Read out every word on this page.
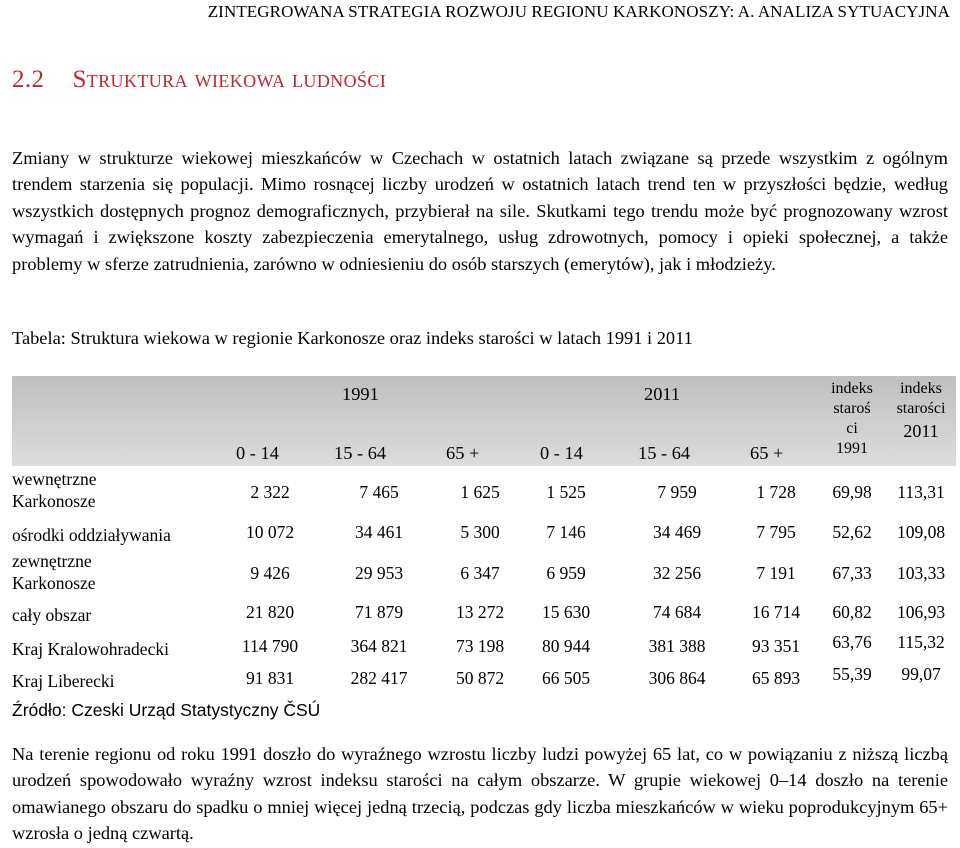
ZINTEGROWANA STRATEGIA ROZWOJU REGIONU KARKONOSZY: A. ANALIZA SYTUACYJNA
2.2 Struktura wiekowa ludności

Zmiany w strukturze wiekowej mieszkańców w Czechach w ostatnich latach związane są przede wszystkim z ogólnym trendem starzenia się populacji. Mimo rosnącej liczby urodzeń w ostatnich latach trend ten w przyszłości będzie, według wszystkich dostępnych prognoz demograficznych, przybierał na sile. Skutkami tego trendu może być prognozowany wzrost wymagań i zwiększone koszty zabezpieczenia emerytalnego, usług zdrowotnych, pomocy i opieki społecznej, a także problemy w sferze zatrudnienia, zarówno w odniesieniu do osób starszych (emerytów), jak i młodzieży.

Tabela: Struktura wiekowa w regionie Karkonosze oraz indeks starości w latach 1991 i 2011

1991	2011
0 - 14	15 - 64	65 +	0 - 14	15 - 64	65 +
indeks
staroś
ci
1991
indeks
starości
2011
wewnętrzne
Karkonosze	2 322	7 465	1 625	1 525	7 959	1 728	69,98	113,31
ośrodki oddziaływania	10 072	34 461	5 300	7 146	34 469	7 795	52,62	109,08
zewnętrzne
Karkonosze	9 426	29 953	6 347	6 959	32 256	7 191	67,33	103,33
cały obszar	21 820	71 879	13 272	15 630	74 684	16 714	60,82	106,93
Kraj Kralowohradecki	114 790	364 821	73 198	80 944	381 388	93 351	63,76	115,32
Kraj Liberecki	91 831	282 417	50 872	66 505	306 864	65 893	55,39	99,07

Źródło: Czeski Urząd Statystyczny ČSÚ

Na terenie regionu od roku 1991 doszło do wyraźnego wzrostu liczby ludzi powyżej 65 lat, co w powiązaniu z niższą liczbą urodzeń spowodowało wyraźny wzrost indeksu starości na całym obszarze. W grupie wiekowej 0–14 doszło na terenie omawianego obszaru do spadku o mniej więcej jedną trzecią, podczas gdy liczba mieszkańców w wieku poprodukcyjnym 65+ wzrosła o jedną czwartą.
